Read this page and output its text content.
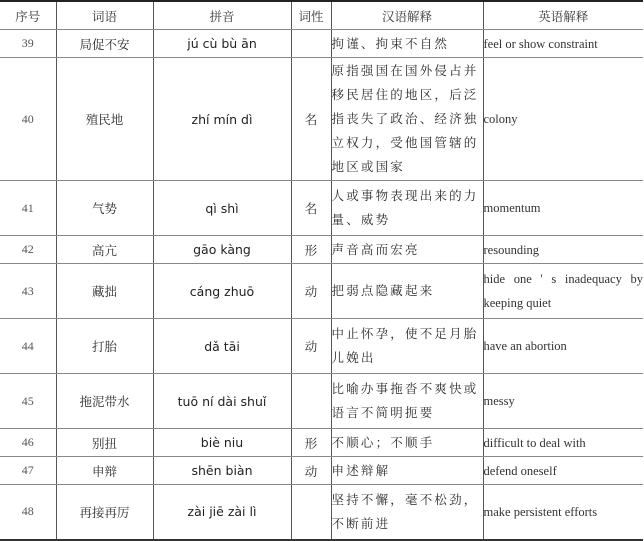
序号	词语	拼音	词性	汉语解释	英语解释
39	局促不安	jú cù bù ān		拘谨、拘束不自然	feel or show constraint
40	殖民地	zhí mín dì	名	原指强国在国外侵占并移民居住的地区，后泛指丧失了政治、经济独立权力，受他国管辖的地区或国家	colony
41	气势	qì shì	名	人或事物表现出来的力量、威势	momentum
42	高亢	gāo kàng	形	声音高而宏亮	resounding
43	藏拙	cáng zhuō	动	把弱点隐藏起来	hide one ' s inadequacy by keeping quiet
44	打胎	dǎ tāi	动	中止怀孕，使不足月胎儿娩出	have an abortion
45	拖泥带水	tuō ní dài shuǐ		比喻办事拖沓不爽快或语言不简明扼要	messy
46	别扭	biè niu	形	不顺心；不顺手	difficult to deal with
47	申辩	shēn biàn	动	申述辩解	defend oneself
48	再接再厉	zài jiē zài lì		坚持不懈，毫不松劲，不断前进	make persistent efforts
